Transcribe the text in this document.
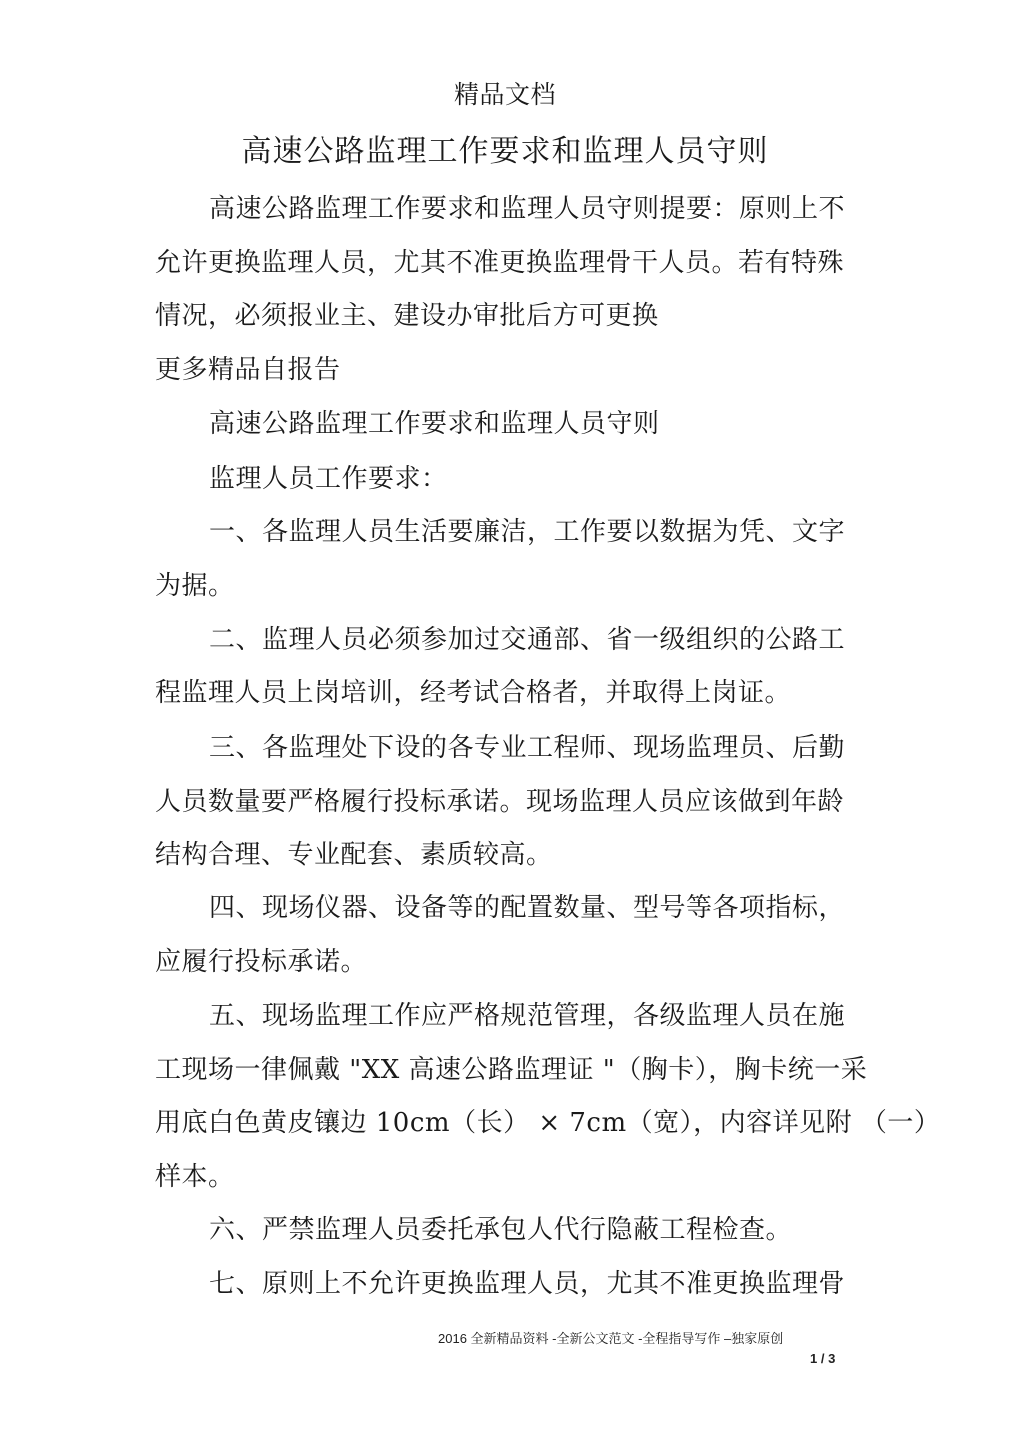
精品文档
高速公路监理工作要求和监理人员守则
高速公路监理工作要求和监理人员守则提要：原则上不
允许更换监理人员，尤其不准更换监理骨干人员。若有特殊
情况，必须报业主、建设办审批后方可更换
更多精品自报告
高速公路监理工作要求和监理人员守则
监理人员工作要求：
一、各监理人员生活要廉洁，工作要以数据为凭、文字
为据。
二、监理人员必须参加过交通部、省一级组织的公路工
程监理人员上岗培训，经考试合格者，并取得上岗证。
三、各监理处下设的各专业工程师、现场监理员、后勤
人员数量要严格履行投标承诺。现场监理人员应该做到年龄
结构合理、专业配套、素质较高。
四、现场仪器、设备等的配置数量、型号等各项指标，
应履行投标承诺。
五、现场监理工作应严格规范管理，各级监理人员在施
工现场一律佩戴 "XX 高速公路监理证 "（胸卡），胸卡统一采
用底白色黄皮镶边 10cm（长） × 7cm（宽），内容详见附 （一）
样本。
六、严禁监理人员委托承包人代行隐蔽工程检查。
七、原则上不允许更换监理人员，尤其不准更换监理骨
2016 全新精品资料 -全新公文范文 -全程指导写作 –独家原创
1 / 3
